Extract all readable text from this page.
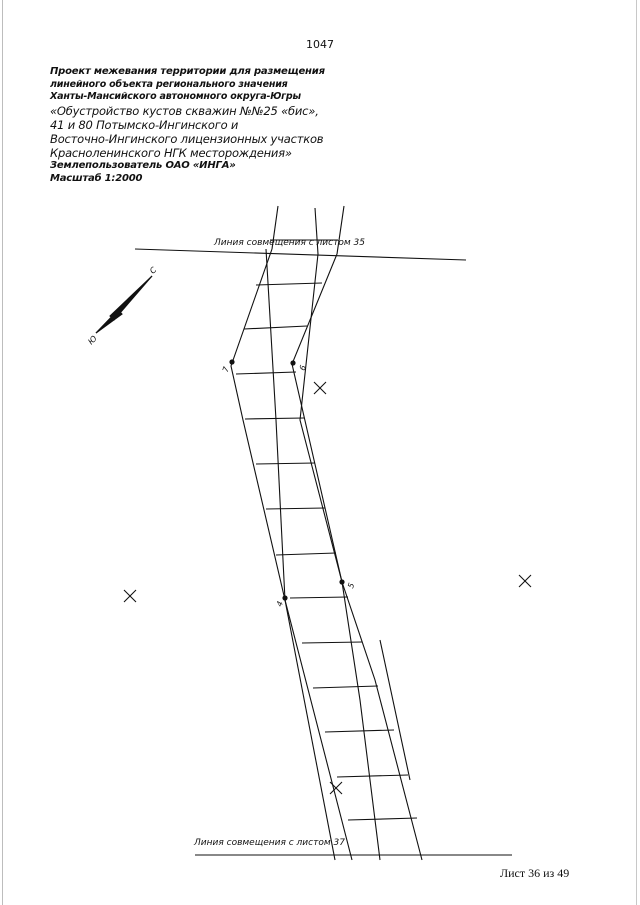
1047
Проект межевания территории для размещения
линейного объекта регионального значения
Ханты-Мансийского автономного округа-Югры
«Обустройство кустов скважин №№25 «бис»,
41 и 80 Потымско-Ингинского и
Восточно-Ингинского лицензионных участков
Красноленинского НГК месторождения»
Землепользователь ОАО «ИНГА»
Масштаб 1:2000
7	6
4
5
С
Ю
Линия совмещения с листом 35
Линия совмещения с листом 37
Лист 36 из 49
